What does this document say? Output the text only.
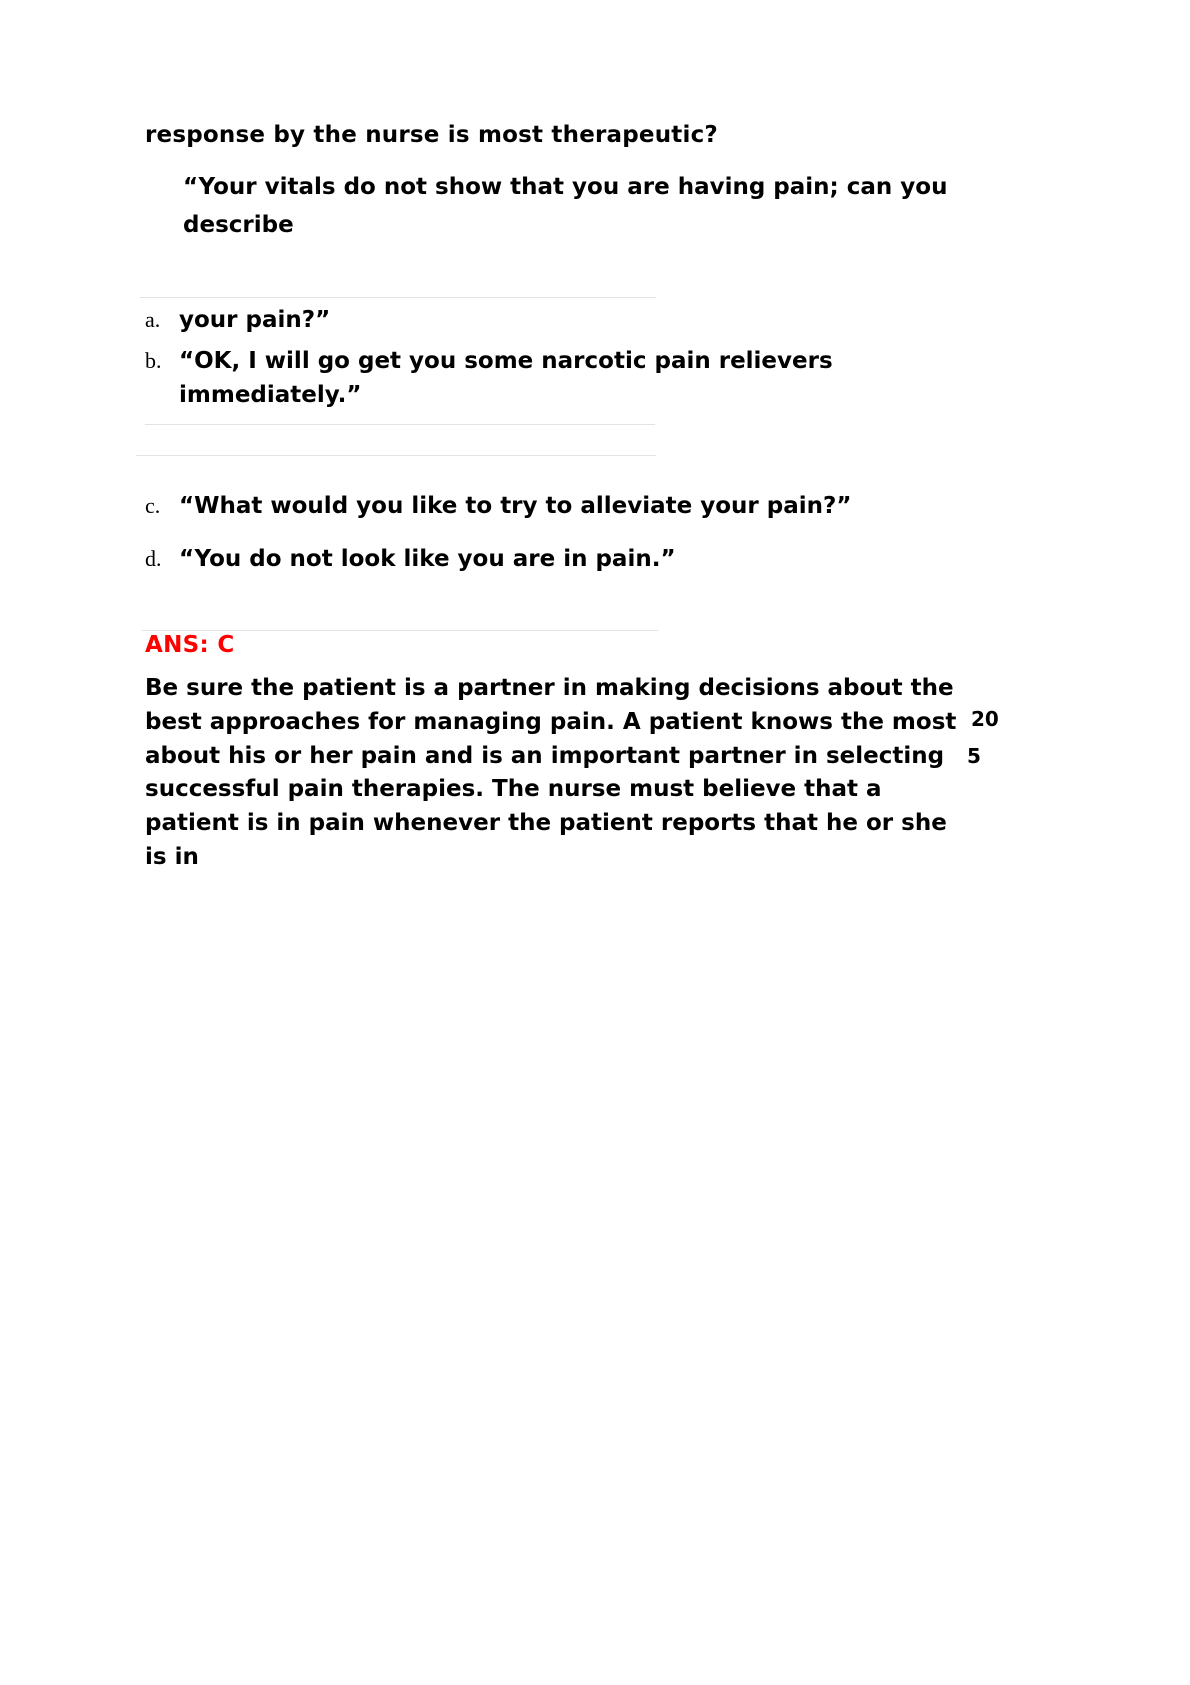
response by the nurse is most therapeutic?
“Your vitals do not show that you are having pain; can you describe
a. your pain?”
b. “OK, I will go get you some narcotic pain relievers immediately.”
c. “What would you like to try to alleviate your pain?”
d. “You do not look like you are in pain.”
ANS: C
Be sure the patient is a partner in making decisions about the best approaches for managing pain. A patient knows the most about his or her pain and is an important partner in selecting successful pain therapies. The nurse must believe that a patient is in pain whenever the patient reports that he or she is in
20
5
